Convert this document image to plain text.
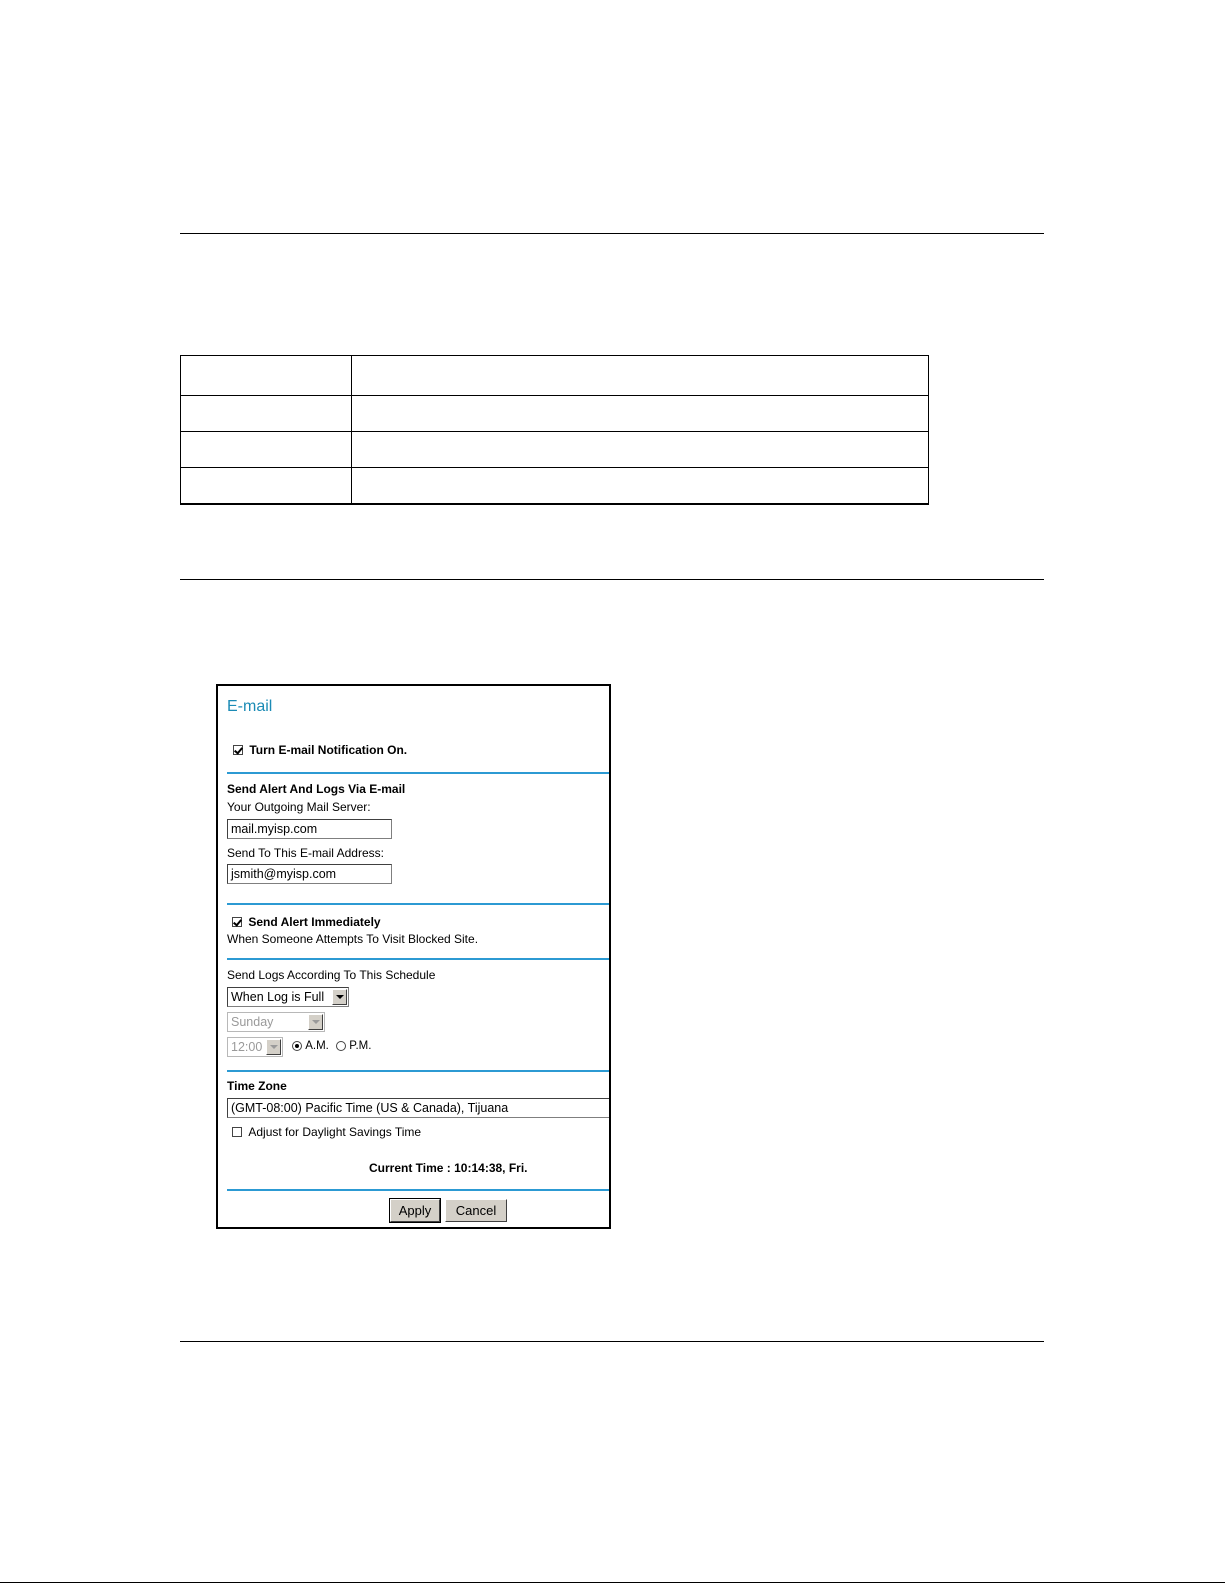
E-mail
Turn E-mail Notification On.
Send Alert And Logs Via E-mail
Your Outgoing Mail Server:
mail.myisp.com
Send To This E-mail Address:
jsmith@myisp.com
Send Alert Immediately
When Someone Attempts To Visit Blocked Site.
Send Logs According To This Schedule
When Log is Full
Sunday
12:00	A.M. P.M.
Time Zone
(GMT-08:00) Pacific Time (US & Canada), Tijuana
Adjust for Daylight Savings Time
Current Time : 10:14:38, Fri.
Apply	Cancel
